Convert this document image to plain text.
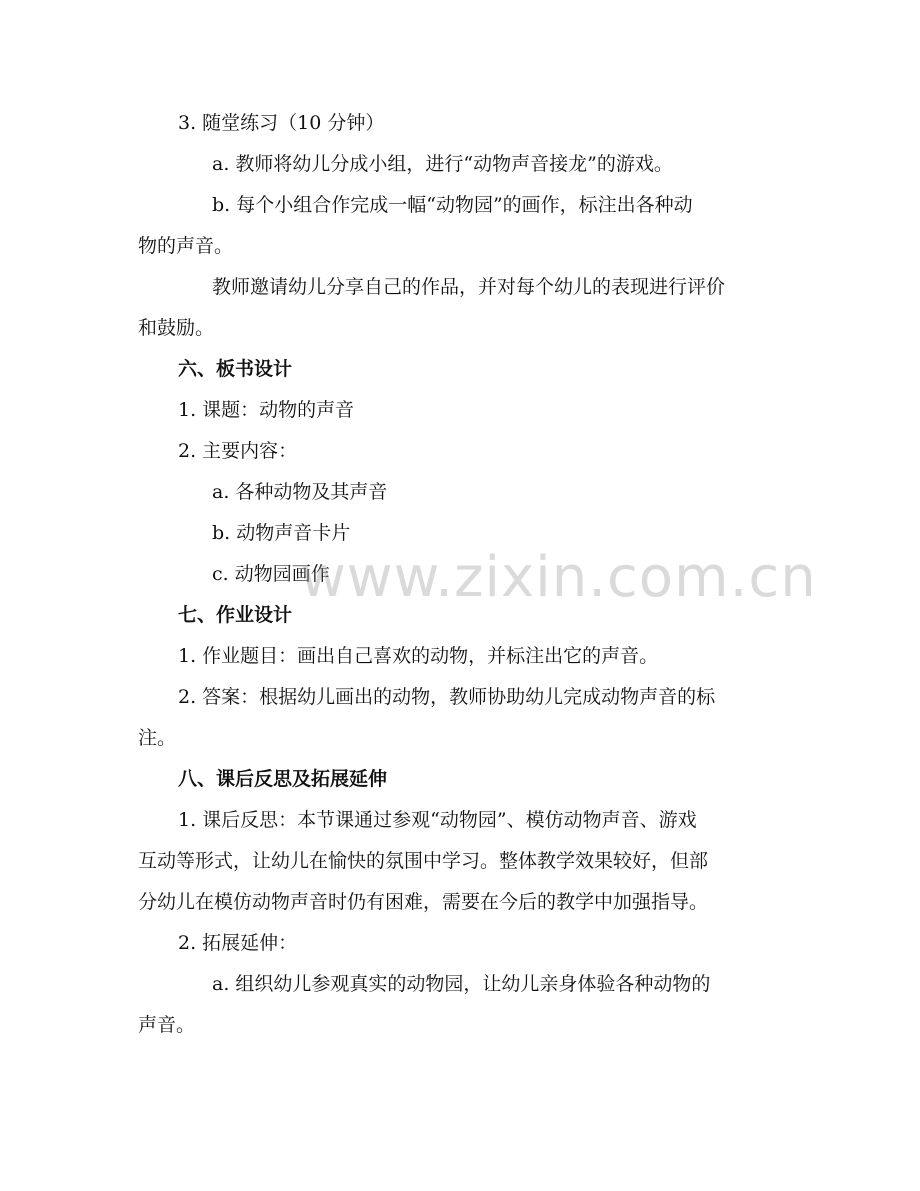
3. 随堂练习（10 分钟）
a. 教师将幼儿分成小组，进行“动物声音接龙”的游戏。
b. 每个小组合作完成一幅“动物园”的画作，标注出各种动
物的声音。
教师邀请幼儿分享自己的作品，并对每个幼儿的表现进行评价
和鼓励。
六、板书设计
1. 课题：动物的声音
2. 主要内容：
a. 各种动物及其声音
b. 动物声音卡片
c. 动物园画作
七、作业设计
1. 作业题目：画出自己喜欢的动物，并标注出它的声音。
2. 答案：根据幼儿画出的动物，教师协助幼儿完成动物声音的标
注。
八、课后反思及拓展延伸
1. 课后反思：本节课通过参观“动物园”、模仿动物声音、游戏
互动等形式，让幼儿在愉快的氛围中学习。整体教学效果较好，但部
分幼儿在模仿动物声音时仍有困难，需要在今后的教学中加强指导。
2. 拓展延伸：
a. 组织幼儿参观真实的动物园，让幼儿亲身体验各种动物的
声音。
www.zixin.com.cn
